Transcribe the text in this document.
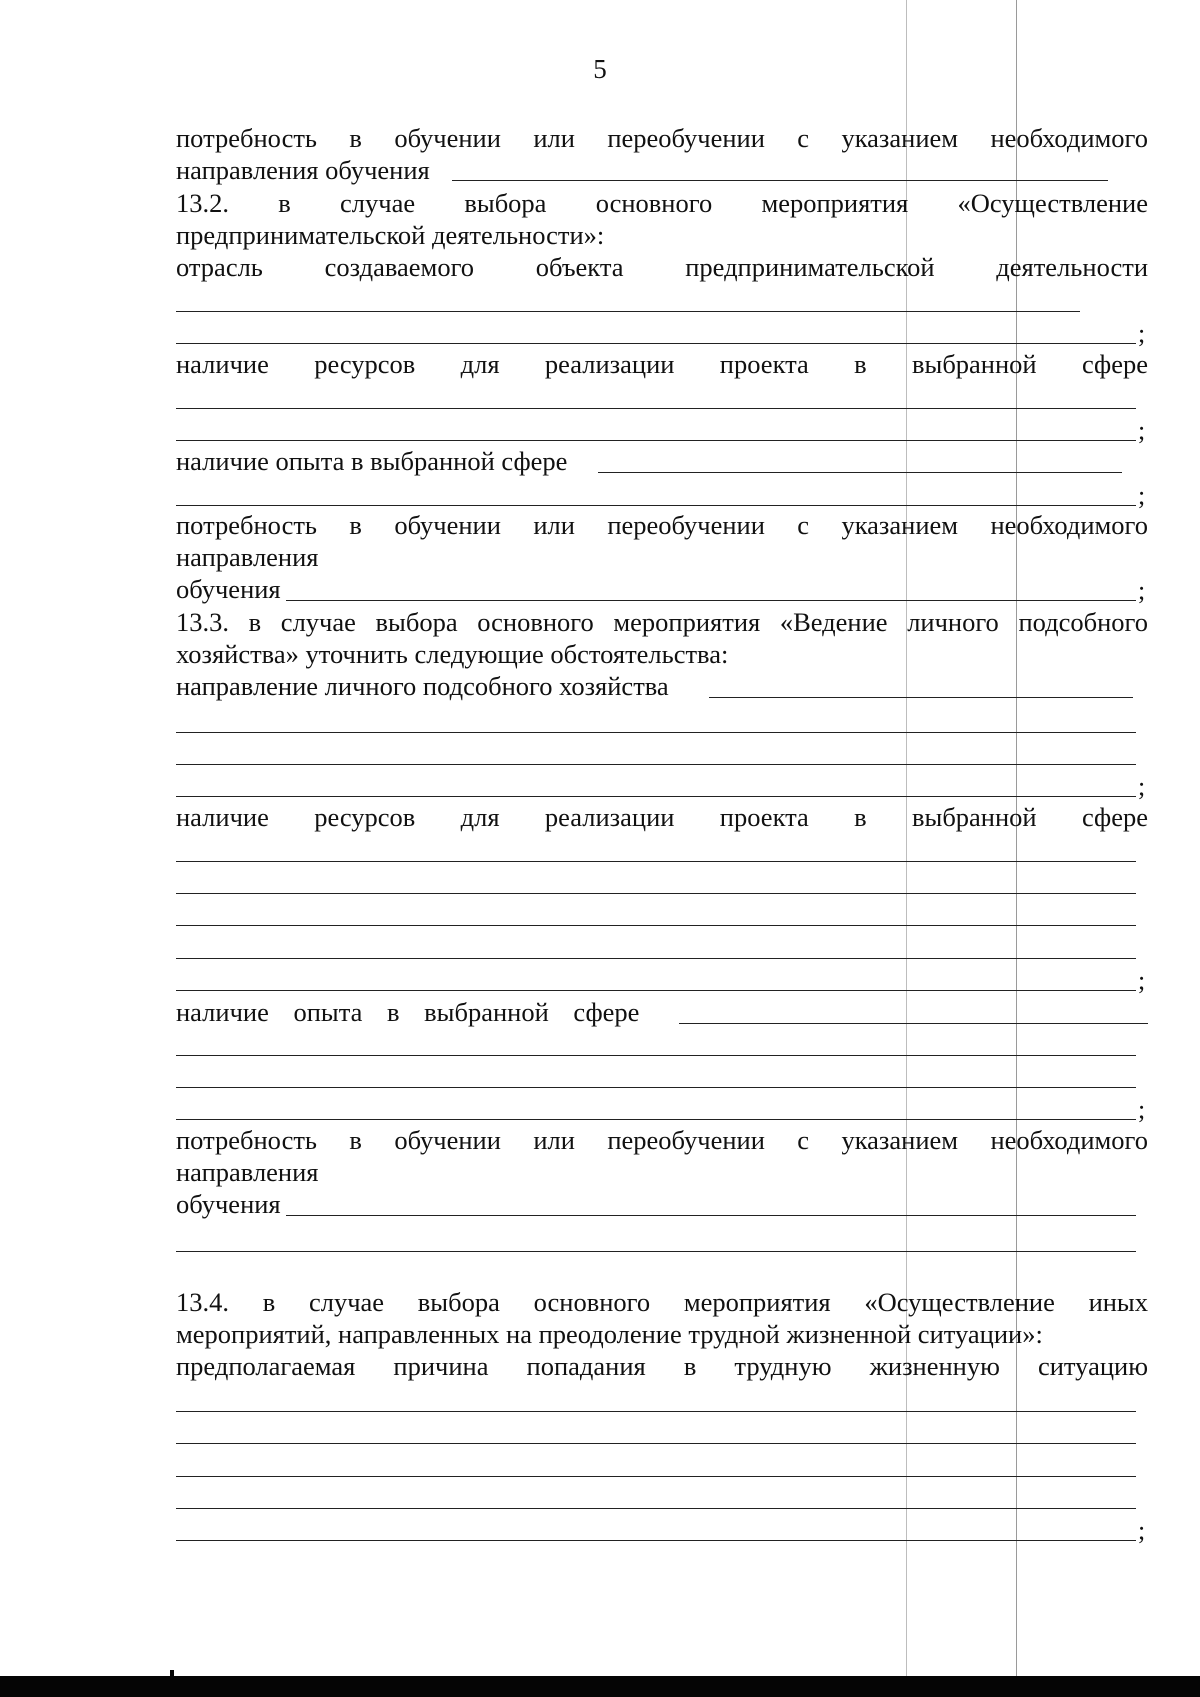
5
потребность в обучении или переобучении с указанием необходимого
направления обучения
13.2. в случае выбора основного мероприятия «Осуществление
предпринимательской деятельности»:
отрасль создаваемого объекта предпринимательской деятельности
;
наличие ресурсов для реализации проекта в выбранной сфере
;
наличие опыта в выбранной сфере
;
потребность в обучении или переобучении с указанием необходимого
направления
обучения	;
13.3. в случае выбора основного мероприятия «Ведение личного подсобного
хозяйства» уточнить следующие обстоятельства:
направление личного подсобного хозяйства
;
наличие ресурсов для реализации проекта в выбранной сфере
;
наличие опыта в выбранной сфере
;
потребность в обучении или переобучении с указанием необходимого
направления
обучения
13.4. в случае выбора основного мероприятия «Осуществление иных
мероприятий, направленных на преодоление трудной жизненной ситуации»:
предполагаемая причина попадания в трудную жизненную ситуацию
;
